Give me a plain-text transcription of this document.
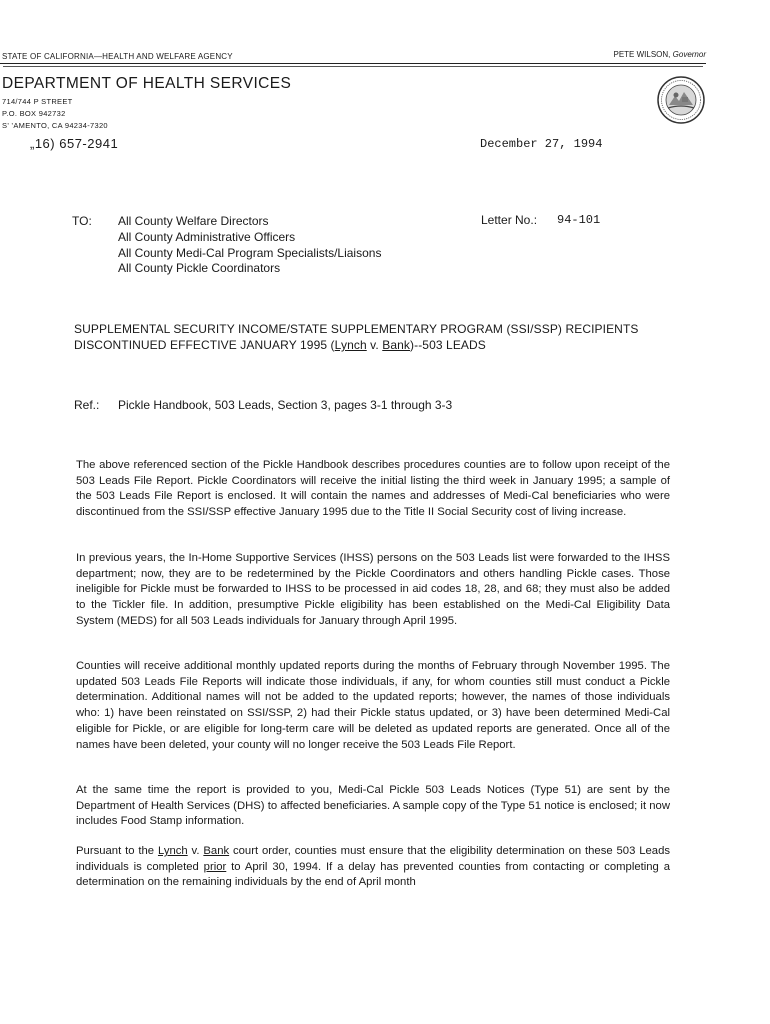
STATE OF CALIFORNIA—HEALTH AND WELFARE AGENCY	PETE WILSON, Governor
DEPARTMENT OF HEALTH SERVICES
714/744 P STREET
P.O. BOX 942732
S’ ’AMENTO, CA 94234-7320
„16) 657-2941	December 27, 1994
TO: All County Welfare Directors
All County Administrative Officers
All County Medi-Cal Program Specialists/Liaisons
All County Pickle Coordinators
Letter No.: 94-101
SUPPLEMENTAL SECURITY INCOME/STATE SUPPLEMENTARY PROGRAM (SSI/SSP) RECIPIENTS
DISCONTINUED EFFECTIVE JANUARY 1995 (Lynch v. Bank)--503 LEADS
Ref.: Pickle Handbook, 503 Leads, Section 3, pages 3-1 through 3-3
The above referenced section of the Pickle Handbook describes procedures counties are to follow upon receipt of the 503 Leads File Report. Pickle Coordinators will receive the initial listing the third week in January 1995; a sample of the 503 Leads File Report is enclosed. It will contain the names and addresses of Medi-Cal beneficiaries who were discontinued from the SSI/SSP effective January 1995 due to the Title II Social Security cost of living increase.
In previous years, the In-Home Supportive Services (IHSS) persons on the 503 Leads list were forwarded to the IHSS department; now, they are to be redetermined by the Pickle Coordinators and others handling Pickle cases. Those ineligible for Pickle must be forwarded to IHSS to be processed in aid codes 18, 28, and 68; they must also be added to the Tickler file. In addition, presumptive Pickle eligibility has been established on the Medi-Cal Eligibility Data System (MEDS) for all 503 Leads individuals for January through April 1995.
Counties will receive additional monthly updated reports during the months of February through November 1995. The updated 503 Leads File Reports will indicate those individuals, if any, for whom counties still must conduct a Pickle determination. Additional names will not be added to the updated reports; however, the names of those individuals who: 1) have been reinstated on SSI/SSP, 2) had their Pickle status updated, or 3) have been determined Medi-Cal eligible for Pickle, or are eligible for long-term care will be deleted as updated reports are generated. Once all of the names have been deleted, your county will no longer receive the 503 Leads File Report.
At the same time the report is provided to you, Medi-Cal Pickle 503 Leads Notices (Type 51) are sent by the Department of Health Services (DHS) to affected beneficiaries. A sample copy of the Type 51 notice is enclosed; it now includes Food Stamp information.
Pursuant to the Lynch v. Bank court order, counties must ensure that the eligibility determination on these 503 Leads individuals is completed prior to April 30, 1994. If a delay has prevented counties from contacting or completing a determination on the remaining individuals by the end of April month
